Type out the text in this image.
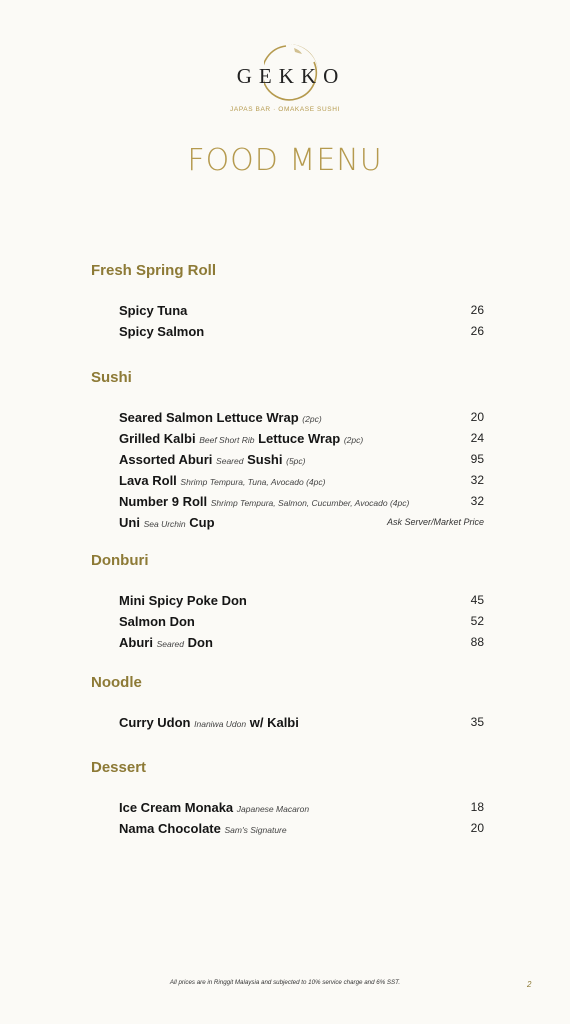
GEKKO
JAPAS BAR · OMAKASE SUSHI
FOOD MENU
Fresh Spring Roll
Spicy Tuna	26
Spicy Salmon	26
Sushi
Seared Salmon Lettuce Wrap (2pc)	20
Grilled Kalbi Beef Short Rib Lettuce Wrap (2pc)	24
Assorted Aburi Seared Sushi (5pc)	95
Lava Roll Shrimp Tempura, Tuna, Avocado (4pc)	32
Number 9 Roll Shrimp Tempura, Salmon, Cucumber, Avocado (4pc)	32
Uni Sea Urchin Cup	Ask Server/Market Price
Donburi
Mini Spicy Poke Don	45
Salmon Don	52
Aburi Seared Don	88
Noodle
Curry Udon Inaniwa Udon w/ Kalbi	35
Dessert
Ice Cream Monaka Japanese Macaron	18
Nama Chocolate Sam's Signature	20
All prices are in Ringgit Malaysia and subjected to 10% service charge and 6% SST.	2
